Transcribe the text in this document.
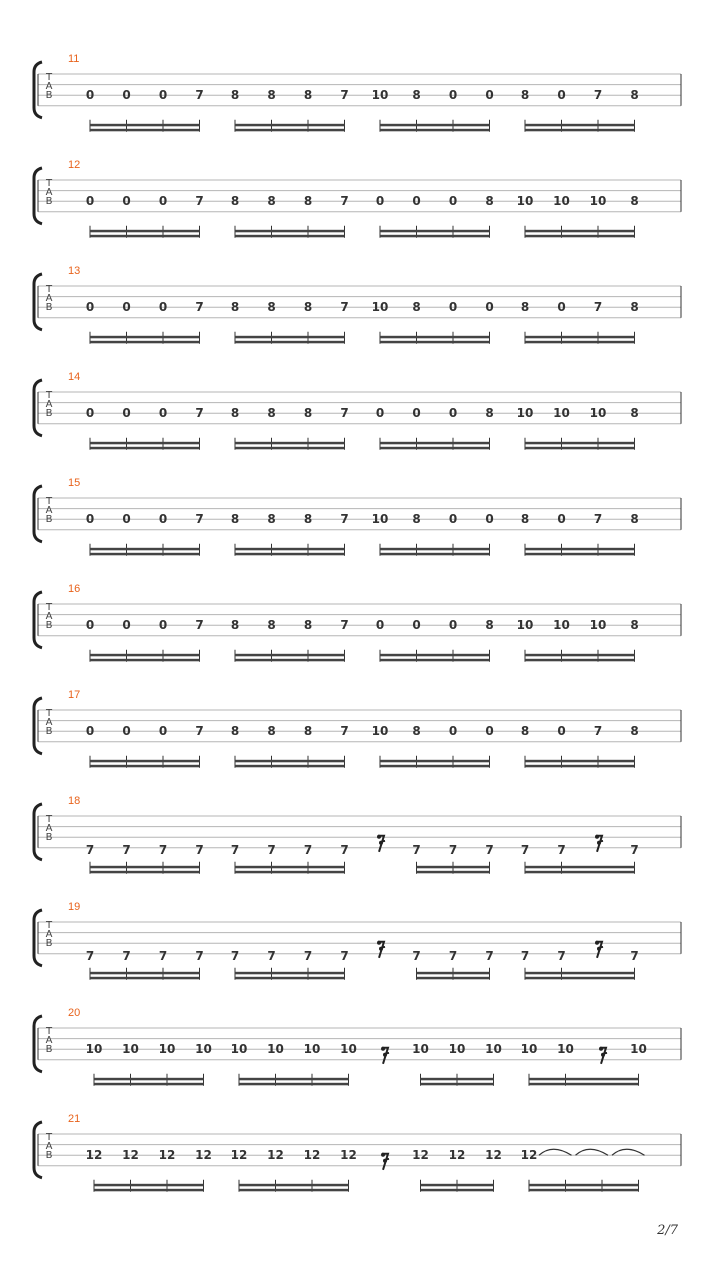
11
T
A
B	0 0 0 7 8 8 8 7 10 8 0 0 8 0 7 8
12
T
A
B	0 0 0 7 8 8 8 7 0 0 0 8 10 10 10 8
13
T
A
B	0 0 0 7 8 8 8 7 10 8 0 0 8 0 7 8
14
T
A
B	0 0 0 7 8 8 8 7 0 0 0 8 10 10 10 8
15
T
A
B	0 0 0 7 8 8 8 7 10 8 0 0 8 0 7 8
16
T
A
B	0 0 0 7 8 8 8 7 0 0 0 8 10 10 10 8
17
T
A
B	0 0 0 7 8 8 8 7 10 8 0 0 8 0 7 8
18
T
A
B
7 7 7 7 7 7 7 7	7 7 7 7 7	7
19
T
A
B
7 7 7 7 7 7 7 7	7 7 7 7 7	7
20
T
A
B	10 10 10 10 10 10 10 10	10 10 10 10 10	10
21
T
A
B	12 12 12 12 12 12 12 12	12 12 12 12
2/7
